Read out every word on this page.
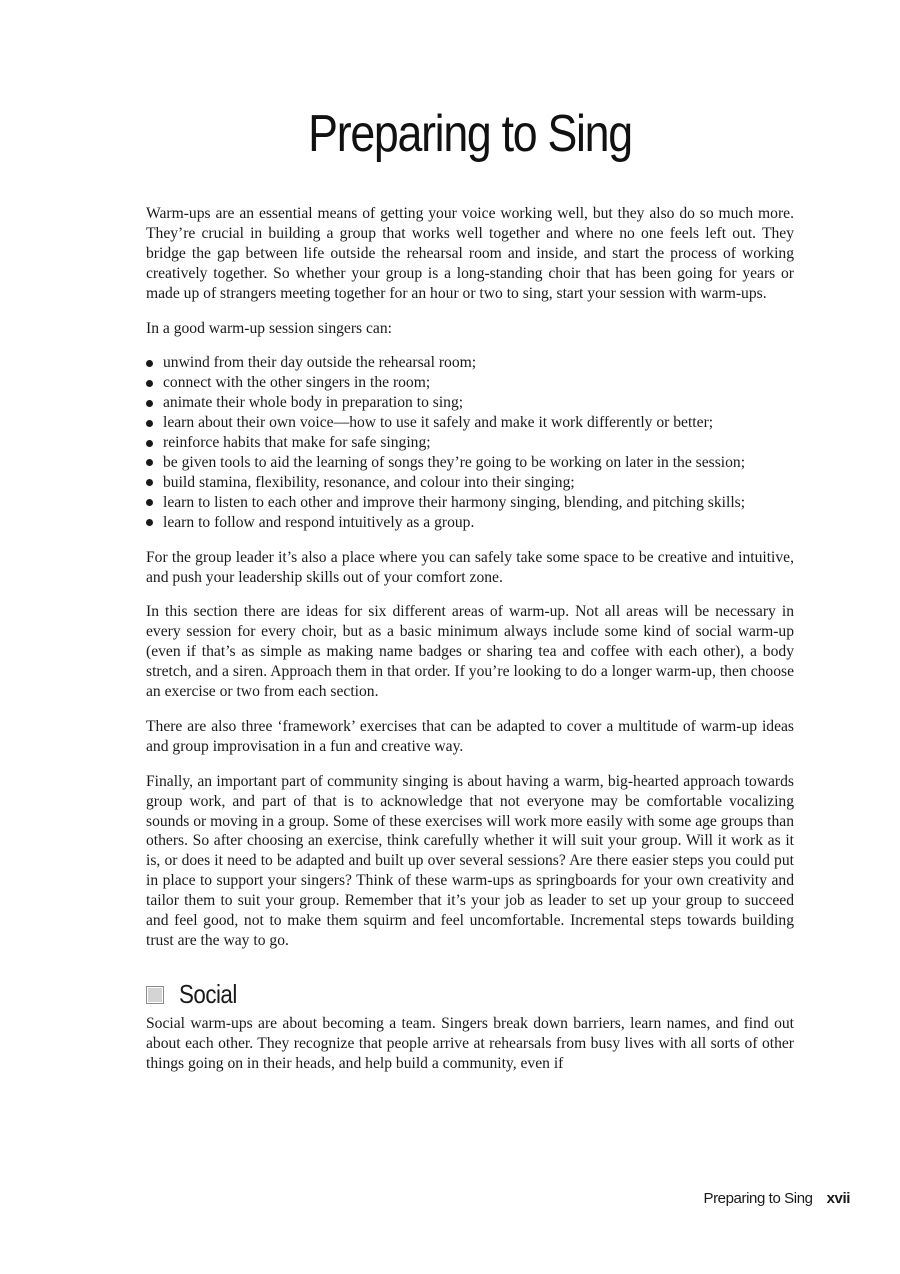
Preparing to Sing

Warm-ups are an essential means of getting your voice working well, but they also do so much more. They’re crucial in building a group that works well together and where no one feels left out. They bridge the gap between life outside the rehearsal room and inside, and start the process of working creatively together. So whether your group is a long-standing choir that has been going for years or made up of strangers meeting together for an hour or two to sing, start your session with warm-ups.

In a good warm-up session singers can:

unwind from their day outside the rehearsal room;
connect with the other singers in the room;
animate their whole body in preparation to sing;
learn about their own voice—how to use it safely and make it work differently or better;
reinforce habits that make for safe singing;
be given tools to aid the learning of songs they’re going to be working on later in the session;
build stamina, flexibility, resonance, and colour into their singing;
learn to listen to each other and improve their harmony singing, blending, and pitching skills;
learn to follow and respond intuitively as a group.

For the group leader it’s also a place where you can safely take some space to be creative and intuitive, and push your leadership skills out of your comfort zone.

In this section there are ideas for six different areas of warm-up. Not all areas will be necessary in every session for every choir, but as a basic minimum always include some kind of social warm-up (even if that’s as simple as making name badges or sharing tea and coffee with each other), a body stretch, and a siren. Approach them in that order. If you’re looking to do a longer warm-up, then choose an exercise or two from each section.

There are also three ‘framework’ exercises that can be adapted to cover a multitude of warm-up ideas and group improvisation in a fun and creative way.

Finally, an important part of community singing is about having a warm, big-hearted approach towards group work, and part of that is to acknowledge that not everyone may be comfortable vocalizing sounds or moving in a group. Some of these exercises will work more easily with some age groups than others. So after choosing an exercise, think carefully whether it will suit your group. Will it work as it is, or does it need to be adapted and built up over several sessions? Are there easier steps you could put in place to support your singers? Think of these warm-ups as springboards for your own creativity and tailor them to suit your group. Remember that it’s your job as leader to set up your group to succeed and feel good, not to make them squirm and feel uncomfortable. Incremental steps towards building trust are the way to go.

Social

Social warm-ups are about becoming a team. Singers break down barriers, learn names, and find out about each other. They recognize that people arrive at rehearsals from busy lives with all sorts of other things going on in their heads, and help build a community, even if

Preparing to Sing xvii
